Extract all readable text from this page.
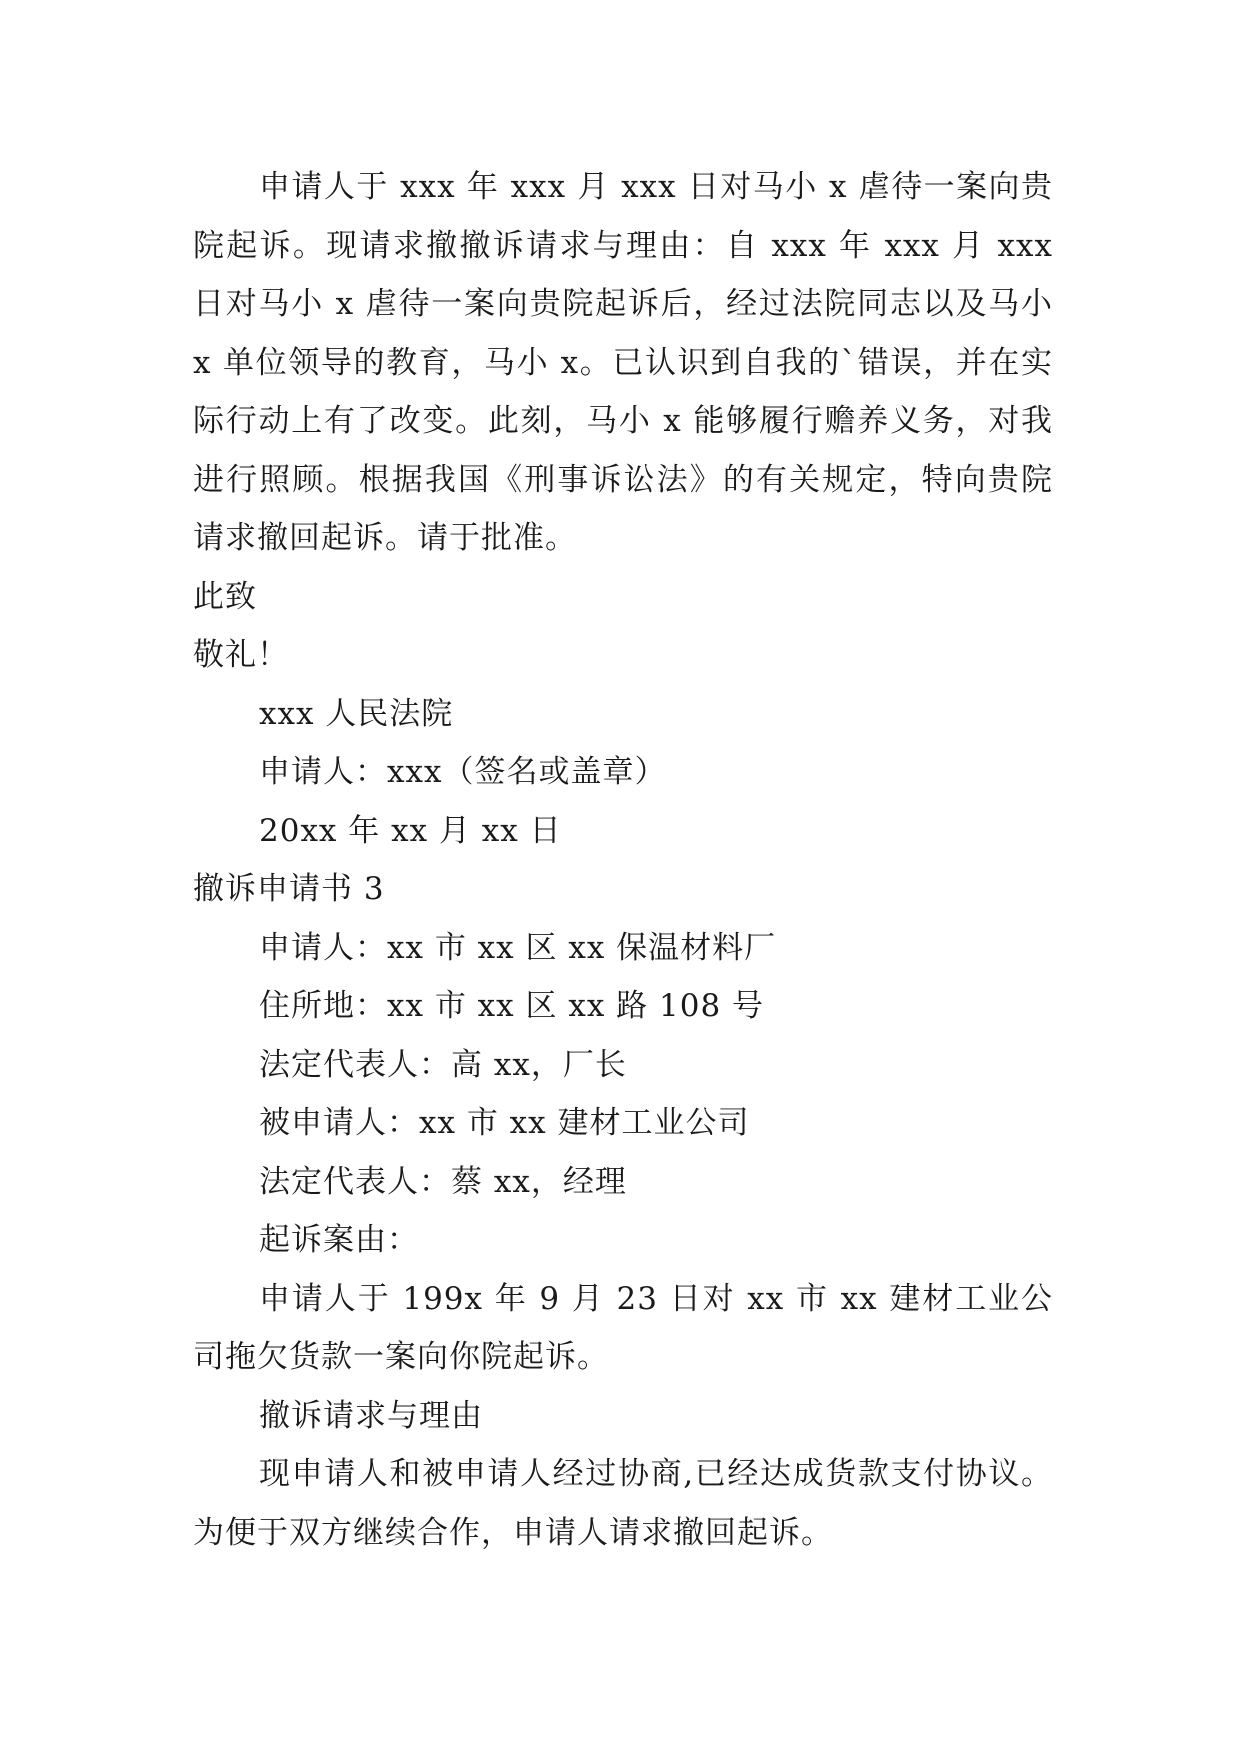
申请人于 xxx 年 xxx 月 xxx 日对马小 x 虐待一案向贵院起诉。现请求撤撤诉请求与理由：自 xxx 年 xxx 月 xxx 日对马小 x 虐待一案向贵院起诉后，经过法院同志以及马小 x 单位领导的教育，马小 x。已认识到自我的`错误，并在实际行动上有了改变。此刻，马小 x 能够履行赡养义务，对我进行照顾。根据我国《刑事诉讼法》的有关规定，特向贵院请求撤回起诉。请于批准。

此致

敬礼！

xxx 人民法院

申请人：xxx（签名或盖章）

20xx 年 xx 月 xx 日

撤诉申请书 3

申请人：xx 市 xx 区 xx 保温材料厂

住所地：xx 市 xx 区 xx 路 108 号

法定代表人：高 xx，厂长

被申请人：xx 市 xx 建材工业公司

法定代表人：蔡 xx，经理

起诉案由：

申请人于 199x 年 9 月 23 日对 xx 市 xx 建材工业公司拖欠货款一案向你院起诉。

撤诉请求与理由

现申请人和被申请人经过协商,已经达成货款支付协议。为便于双方继续合作，申请人请求撤回起诉。
